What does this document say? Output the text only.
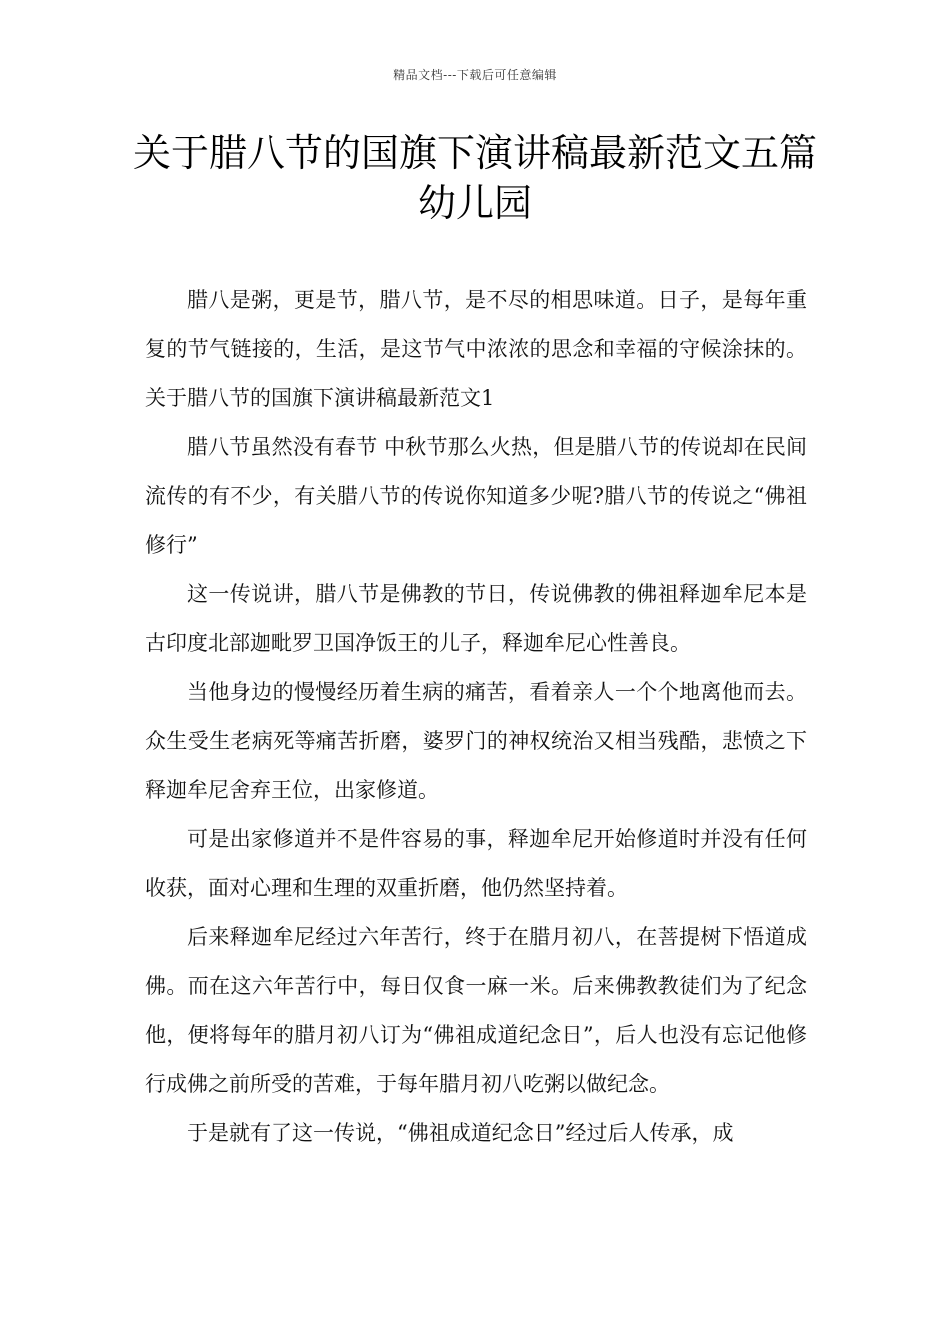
精品文档---下载后可任意编辑
关于腊八节的国旗下演讲稿最新范文五篇幼儿园

腊八是粥，更是节，腊八节，是不尽的相思味道。日子，是每年重复的节气链接的，生活，是这节气中浓浓的思念和幸福的守候涂抹的。关于腊八节的国旗下演讲稿最新范文1

腊八节虽然没有春节 中秋节那么火热，但是腊八节的传说却在民间流传的有不少，有关腊八节的传说你知道多少呢?腊八节的传说之“佛祖修行”

这一传说讲，腊八节是佛教的节日，传说佛教的佛祖释迦牟尼本是古印度北部迦毗罗卫国净饭王的儿子，释迦牟尼心性善良。

当他身边的慢慢经历着生病的痛苦，看着亲人一个个地离他而去。众生受生老病死等痛苦折磨，婆罗门的神权统治又相当残酷，悲愤之下释迦牟尼舍弃王位，出家修道。

可是出家修道并不是件容易的事，释迦牟尼开始修道时并没有任何收获，面对心理和生理的双重折磨，他仍然坚持着。

后来释迦牟尼经过六年苦行，终于在腊月初八，在菩提树下悟道成佛。而在这六年苦行中，每日仅食一麻一米。后来佛教教徒们为了纪念他，便将每年的腊月初八订为“佛祖成道纪念日”，后人也没有忘记他修行成佛之前所受的苦难，于每年腊月初八吃粥以做纪念。

于是就有了这一传说，“佛祖成道纪念日”经过后人传承，成
